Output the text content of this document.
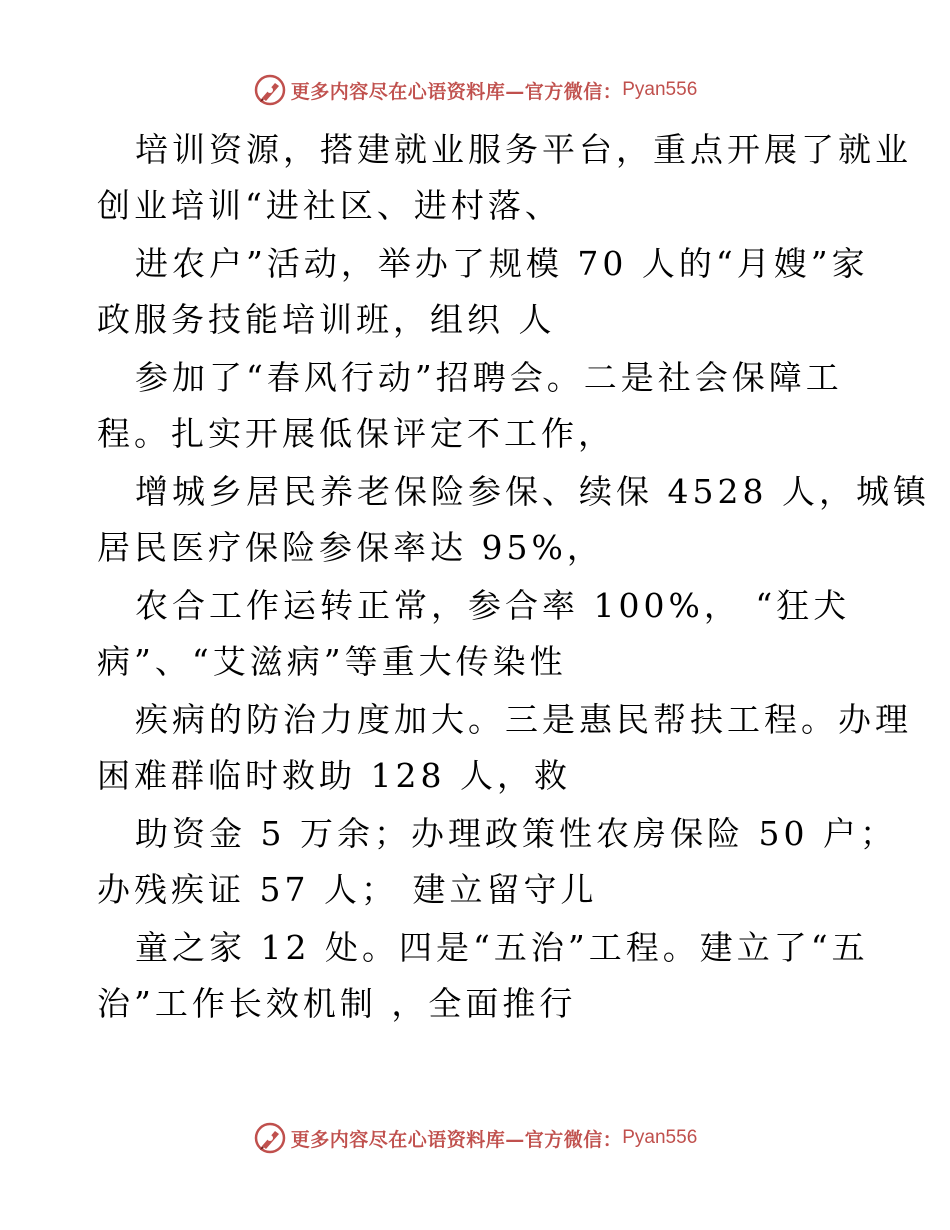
更多内容尽在心语资料库—官方微信： Pyan556
培训资源，搭建就业服务平台，重点开展了就业
创业培训“进社区、进村落、
进农户”活动，举办了规模 70 人的“月嫂”家
政服务技能培训班，组织 人
参加了“春风行动”招聘会。二是社会保障工
程。扎实开展低保评定不工作，
增城乡居民养老保险参保、续保 4528 人，城镇
居民医疗保险参保率达 95%，
农合工作运转正常，参合率 100%， “狂犬
病”、“艾滋病”等重大传染性
疾病的防治力度加大。三是惠民帮扶工程。办理
困难群临时救助 128 人，救
助资金 5 万余；办理政策性农房保险 50 户；
办残疾证 57 人； 建立留守儿
童之家 12 处。四是“五治”工程。建立了“五
治”工作长效机制 ，全面推行
更多内容尽在心语资料库—官方微信： Pyan556
